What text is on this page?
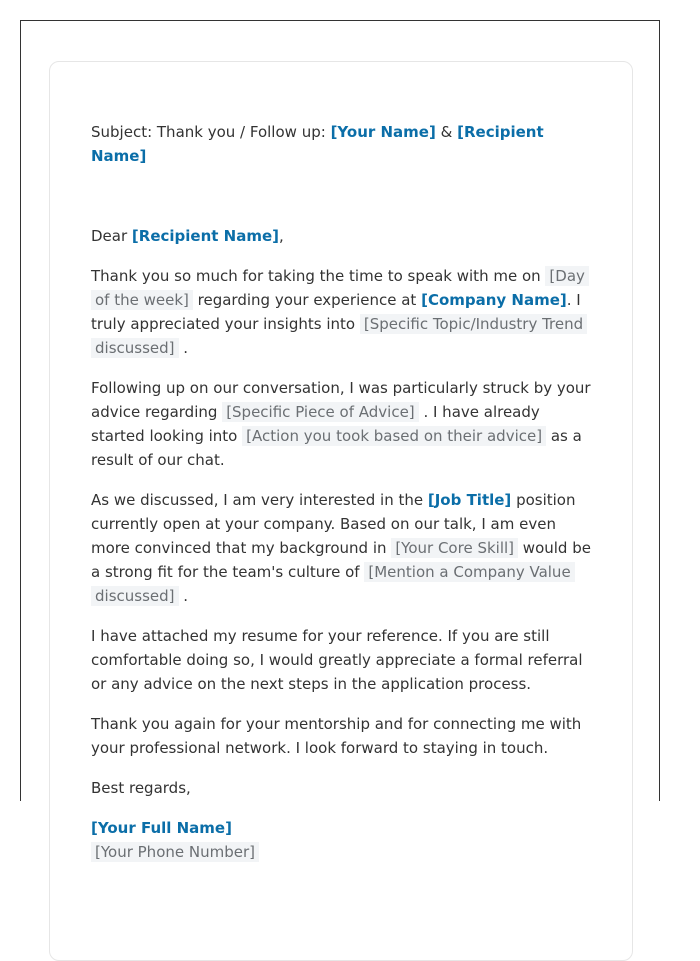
Subject: Thank you / Follow up: [Your Name] & [Recipient Name]

Dear [Recipient Name],

Thank you so much for taking the time to speak with me on [Day of the week] regarding your experience at [Company Name]. I truly appreciated your insights into [Specific Topic/Industry Trend discussed] .

Following up on our conversation, I was particularly struck by your advice regarding [Specific Piece of Advice] . I have already started looking into [Action you took based on their advice] as a result of our chat.

As we discussed, I am very interested in the [Job Title] position currently open at your company. Based on our talk, I am even more convinced that my background in [Your Core Skill] would be a strong fit for the team's culture of [Mention a Company Value discussed] .

I have attached my resume for your reference. If you are still comfortable doing so, I would greatly appreciate a formal referral or any advice on the next steps in the application process.

Thank you again for your mentorship and for connecting me with your professional network. I look forward to staying in touch.

Best regards,

[Your Full Name]
[Your Phone Number]
